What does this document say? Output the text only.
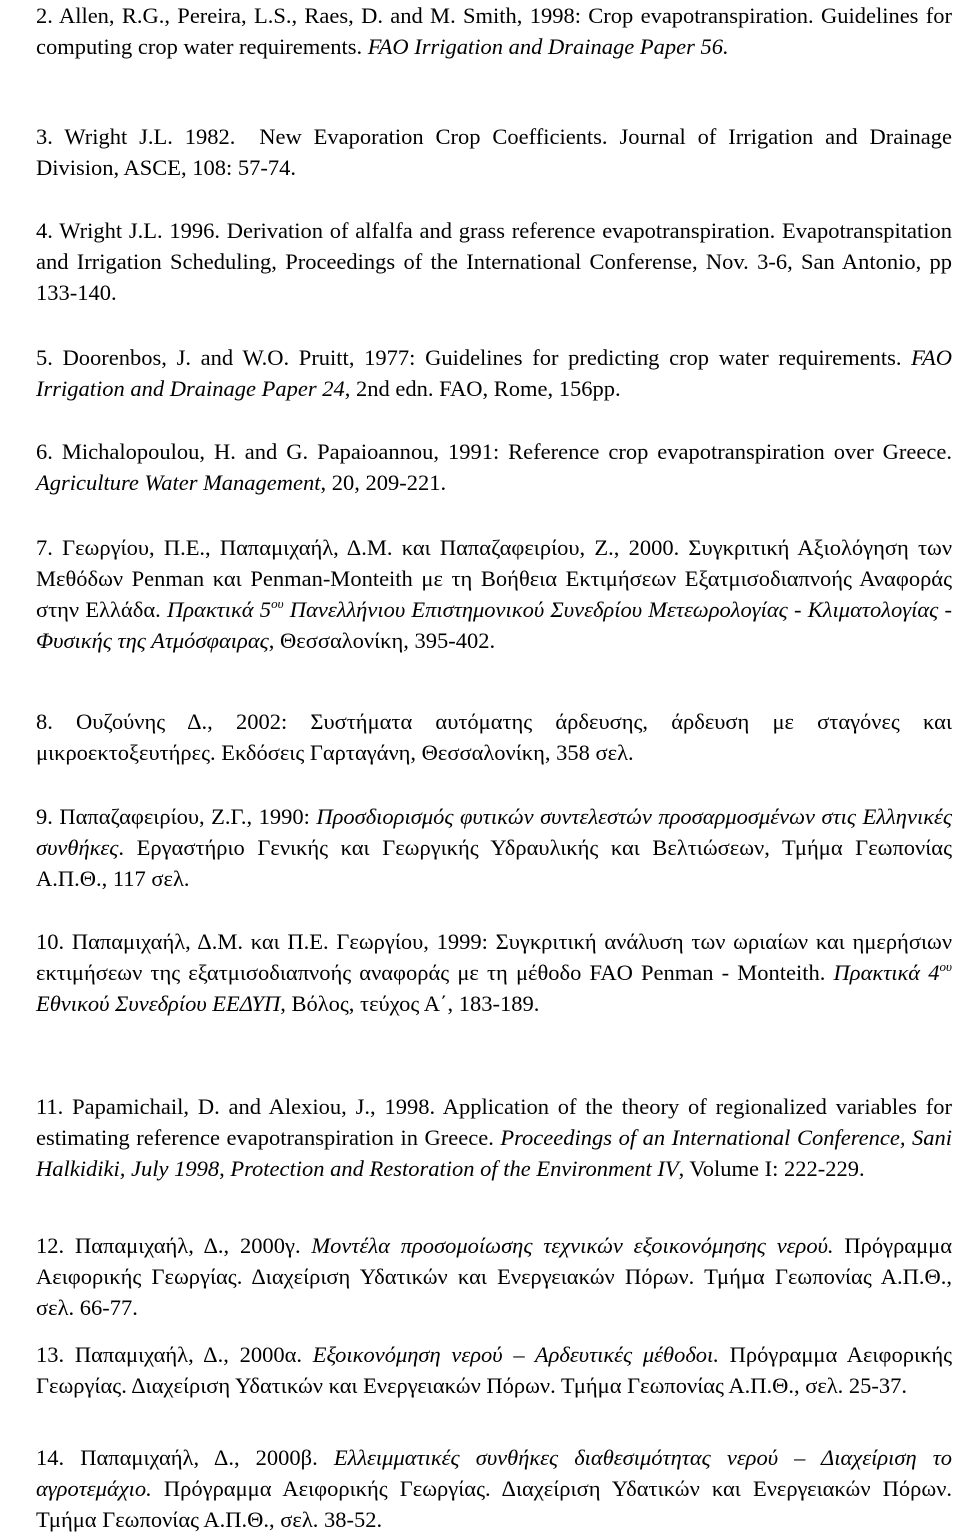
2. Allen, R.G., Pereira, L.S., Raes, D. and M. Smith, 1998: Crop evapotranspiration. Guidelines for computing crop water requirements. FAO Irrigation and Drainage Paper 56.

3. Wright J.L. 1982.  New Evaporation Crop Coefficients. Journal of Irrigation and Drainage Division, ASCE, 108: 57-74.

4. Wright J.L. 1996. Derivation of alfalfa and grass reference evapotranspiration. Evapotranspitation and Irrigation Scheduling, Proceedings of the International Conferense, Nov. 3-6, San Antonio, pp 133-140.

5. Doorenbos, J. and W.O. Pruitt, 1977: Guidelines for predicting crop water requirements. FAO Irrigation and Drainage Paper 24, 2nd edn. FAO, Rome, 156pp.

6. Michalopoulou, H. and G. Papaioannou, 1991: Reference crop evapotranspiration over Greece. Agriculture Water Management, 20, 209-221.

7. Γεωργίου, Π.Ε., Παπαμιχαήλ, Δ.Μ. και Παπαζαφειρίου, Ζ., 2000. Συγκριτική Αξιολόγηση των Μεθόδων Penman και Penman-Monteith με τη Βοήθεια Εκτιμήσεων Εξατμισοδιαπνοής Αναφοράς στην Ελλάδα. Πρακτικά $5^{o\upsilon}$ Πανελλήνιου Επιστημονικού Συνεδρίου Μετεωρολογίας - Κλιματολογίας - Φυσικής της Ατμόσφαιρας, Θεσσαλονίκη, 395-402.

8. Ουζούνης Δ., 2002: Συστήματα αυτόματης άρδευσης, άρδευση με σταγόνες και μικροεκτοξευτήρες. Εκδόσεις Γαρταγάνη, Θεσσαλονίκη, 358 σελ.

9. Παπαζαφειρίου, Ζ.Γ., 1990: Προσδιορισμός φυτικών συντελεστών προσαρμοσμένων στις Ελληνικές συνθήκες. Εργαστήριο Γενικής και Γεωργικής Υδραυλικής και Βελτιώσεων, Τμήμα Γεωπονίας Α.Π.Θ., 117 σελ.

10. Παπαμιχαήλ, Δ.Μ. και Π.Ε. Γεωργίου, 1999: Συγκριτική ανάλυση των ωριαίων και ημερήσιων εκτιμήσεων της εξατμισοδιαπνοής αναφοράς με τη μέθοδο FAO Penman - Monteith. Πρακτικά $4^{o\upsilon}$ Εθνικού Συνεδρίου ΕΕΔΥΠ, Βόλος, τεύχος Α΄, 183-189.

11. Papamichail, D. and Alexiou, J., 1998. Application of the theory of regionalized variables for estimating reference evapotranspiration in Greece. Proceedings of an International Conference, Sani Halkidiki, July 1998, Protection and Restoration of the Environment IV, Volume I: 222-229.

12. Παπαμιχαήλ, Δ., 2000γ. Μοντέλα προσομοίωσης τεχνικών εξοικονόμησης νερού. Πρόγραμμα Αειφορικής Γεωργίας. Διαχείριση Υδατικών και Ενεργειακών Πόρων. Τμήμα Γεωπονίας Α.Π.Θ., σελ. 66-77.

13. Παπαμιχαήλ, Δ., 2000α. Εξοικονόμηση νερού – Αρδευτικές μέθοδοι. Πρόγραμμα Αειφορικής Γεωργίας. Διαχείριση Υδατικών και Ενεργειακών Πόρων. Τμήμα Γεωπονίας Α.Π.Θ., σελ. 25-37.

14. Παπαμιχαήλ, Δ., 2000β. Ελλειμματικές συνθήκες διαθεσιμότητας νερού – Διαχείριση το αγροτεμάχιο. Πρόγραμμα Αειφορικής Γεωργίας. Διαχείριση Υδατικών και Ενεργειακών Πόρων. Τμήμα Γεωπονίας Α.Π.Θ., σελ. 38-52.
